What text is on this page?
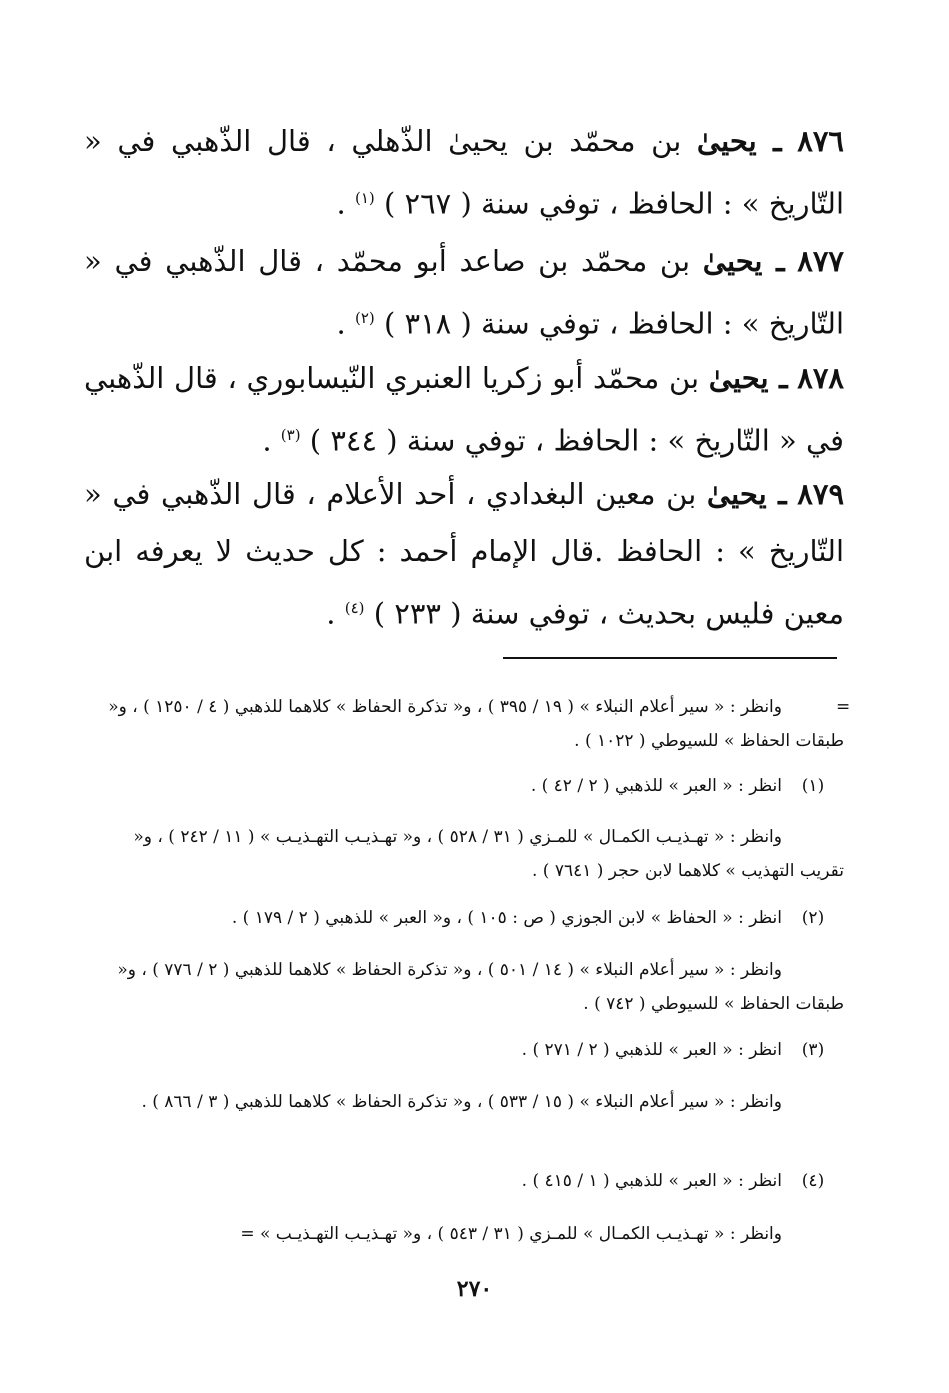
٨٧٦ ـ يحيىٰ بن محمّد بن يحيىٰ الذّهلي ، قال الذّهبي في « التّاريخ » : الحافظ ، توفي سنة ( ٢٦٧ ) $^{(١)}$ .
٨٧٧ ـ يحيىٰ بن محمّد بن صاعد أبو محمّد ، قال الذّهبي في « التّاريخ » : الحافظ ، توفي سنة ( ٣١٨ ) $^{(٢)}$ .
٨٧٨ ـ يحيىٰ بن محمّد أبو زكريا العنبري النّيسابوري ، قال الذّهبي في « التّاريخ » : الحافظ ، توفي سنة ( ٣٤٤ ) $^{(٣)}$ .
٨٧٩ ـ يحيىٰ بن معين البغدادي ، أحد الأعلام ، قال الذّهبي في « التّاريخ » : الحافظ .قال الإمام أحمد : كل حديث لا يعرفه ابن معين فليس بحديث ، توفي سنة ( ٢٣٣ ) $^{(٤)}$ .
=
وانظر : « سير أعلام النبلاء » ( ١٩ / ٣٩٥ ) ، و« تذكرة الحفاظ » كلاهما للذهبي ( ٤ / ١٢٥٠ ) ، و« طبقات الحفاظ » للسيوطي ( ١٠٢٢ ) .
(١)انظر : « العبر » للذهبي ( ٢ / ٤٢ ) .
وانظر : « تهـذيـب الكمـال » للمـزي ( ٣١ / ٥٢٨ ) ، و« تهـذيـب التهـذيـب » ( ١١ / ٢٤٢ ) ، و« تقريب التهذيب » كلاهما لابن حجر ( ٧٦٤١ ) .
(٢)انظر : « الحفاظ » لابن الجوزي ( ص : ١٠٥ ) ، و« العبر » للذهبي ( ٢ / ١٧٩ ) .
وانظر : « سير أعلام النبلاء » ( ١٤ / ٥٠١ ) ، و« تذكرة الحفاظ » كلاهما للذهبي ( ٢ / ٧٧٦ ) ، و« طبقات الحفاظ » للسيوطي ( ٧٤٢ ) .
(٣)انظر : « العبر » للذهبي ( ٢ / ٢٧١ ) .
وانظر : « سير أعلام النبلاء » ( ١٥ / ٥٣٣ ) ، و« تذكرة الحفاظ » كلاهما للذهبي ( ٣ / ٨٦٦ ) .
(٤)انظر : « العبر » للذهبي ( ١ / ٤١٥ ) .
وانظر : « تهـذيـب الكمـال » للمـزي ( ٣١ / ٥٤٣ ) ، و« تهـذيـب التهـذيـب » =
٢٧٠
